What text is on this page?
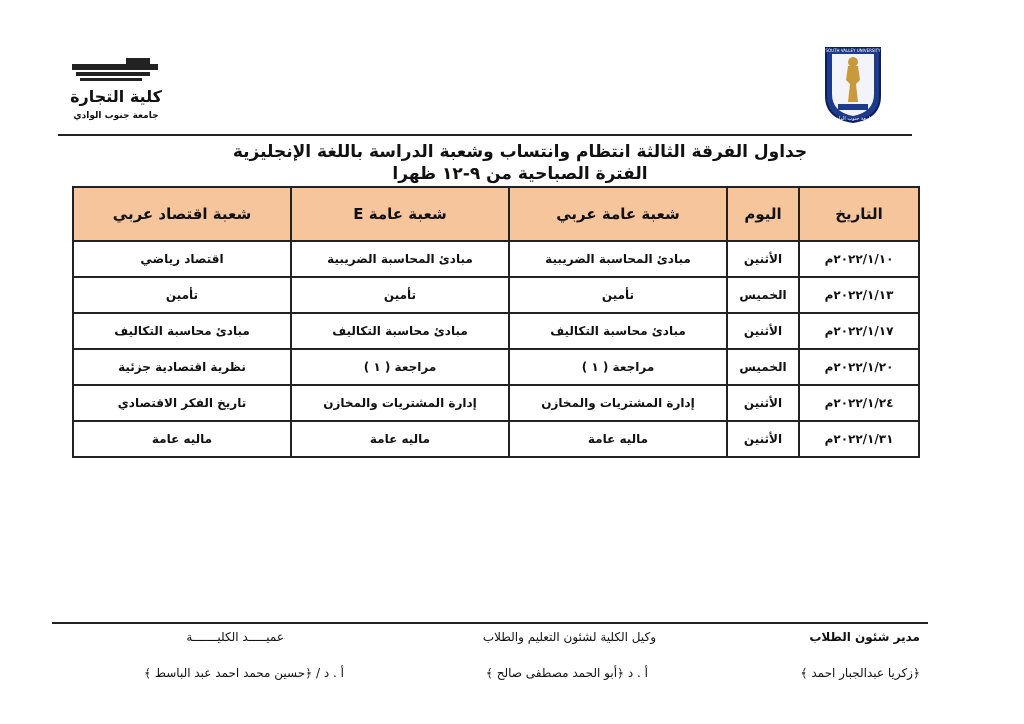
كلية التجارة
جامعة جنوب الوادي
SOUTH VALLEY UNIVERSITY
جامعة جنوب الوادي
جداول الفرقة الثالثة انتظام وانتساب وشعبة الدراسة باللغة الإنجليزية
الفترة الصباحية من ٩-١٢ ظهرا
التاريخ	اليوم	شعبة عامة عربي	شعبة عامة E	شعبة اقتصاد عربي
٢٠٢٢/١/١٠م	الأثنين	مبادئ المحاسبة الضريبية	مبادئ المحاسبة الضريبية	اقتصاد رياضي
٢٠٢٢/١/١٣م	الخميس	تأمين	تأمين	تأمين
٢٠٢٢/١/١٧م	الأثنين	مبادئ محاسبة التكاليف	مبادئ محاسبة التكاليف	مبادئ محاسبة التكاليف
٢٠٢٢/١/٢٠م	الخميس	مراجعة ( ١ )	مراجعة ( ١ )	نظرية اقتصادية جزئية
٢٠٢٢/١/٢٤م	الأثنين	إدارة المشتريات والمخازن	إدارة المشتريات والمخازن	تاريخ الفكر الاقتصادي
٢٠٢٢/١/٣١م	الأثنين	ماليه عامة	ماليه عامة	ماليه عامة
مدير شئون الطلاب
وكيل الكلية لشئون التعليم والطلاب
عميـــــد الكليـــــــة
﴿زكريا عبدالجبار احمد ﴾
أ . د ﴿أبو الحمد مصطفى صالح ﴾
أ . د / ﴿حسين محمد احمد عبد الباسط ﴾
